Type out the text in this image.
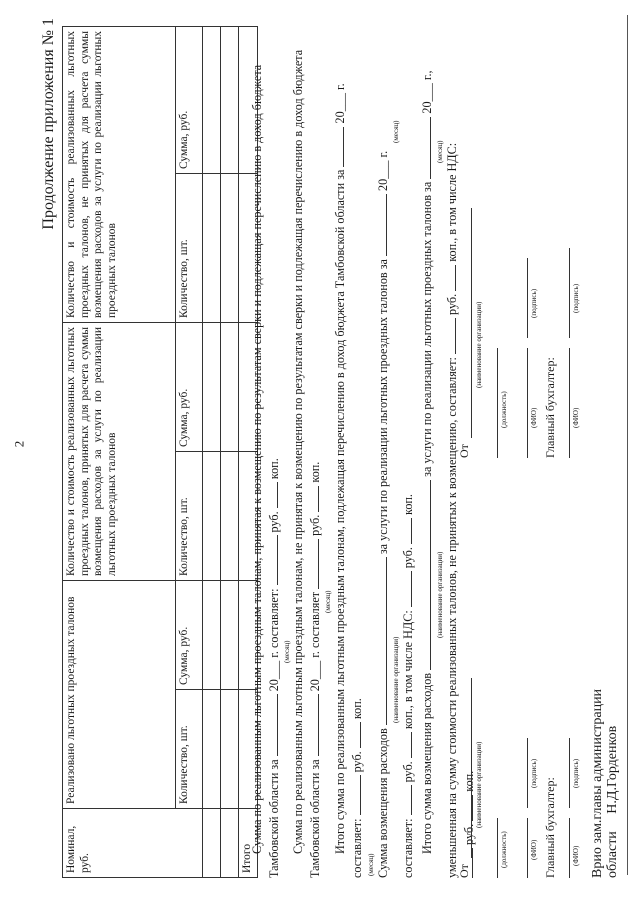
2
Продолжение приложения № 1
Номинал, руб.	Реализовано льготных проездных талонов		Количество и стоимость реализованных льготных проездных талонов, принятых для расчета суммы возмещения расходов за услуги по реализации льготных проездных талонов		Количество и стоимость реализованных льготных проездных талонов, не принятых для расчета суммы возмещения расходов за услуги по реализации льготных проездных талонов	
	Количество, шт.	Сумма, руб.	Количество, шт.	Сумма, руб.	Количество, шт.	Сумма, руб.

Итого						

Сумма по реализованным льготным проездным талонам, принятая к возмещению по результатам сверки и подлежащая перечислению в доход бюджета Тамбовской области за  20___ г. составляет:  руб.  коп.

(месяц) Сумма по реализованным льготным проездным талонам, не принятая к возмещению по результатам сверки и подлежащая перечислению в доход бюджета Тамбовской области за  20___ г. составляет  руб.  коп.

(месяц) Итого сумма по реализованным льготным проездным талонам, подлежащая перечислению в доход бюджета Тамбовской области за  20___ г. составляет:  руб.  коп.

(месяц) Сумма возмещения расходов  за услуги по реализации льготных проездных талонов за  20___ г.

(наименование организации)
(месяц)

составляет:  руб.  коп., в том числе НДС:  руб.  коп.

Итого сумма возмещения расходов  за услуги по реализации льготных проездных талонов за  20___ г.,

(наименование организации)
(месяц)

уменьшенная на сумму стоимости реализованных талонов, не принятых к возмещению, составляет:  руб.  коп., в том числе НДС:
руб.  коп.

От
(наименование организации)
(должность)	(ФИО)
(подпись)
Главный бухгалтер: (ФИО)
(подпись)
От
(наименование организации)
(должность)	(ФИО)
(подпись)
Главный бухгалтер: (ФИО)
(подпись)
Врио зам.главы администрации области Н.Д.Горденков
